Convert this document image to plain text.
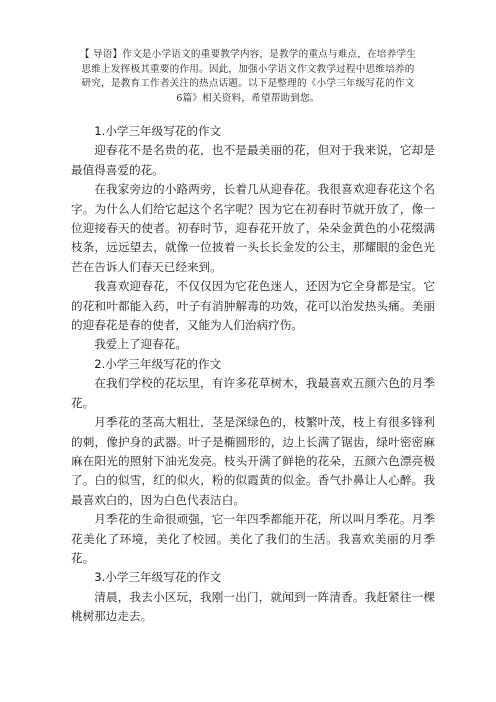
【 导语】作文是小学语文的重要教学内容，是教学的重点与难点，在培养学生
思维上发挥极其重要的作用。因此，加强小学语文作文教学过程中思维培养的
研究，是教育工作者关注的热点话题。以下是整理的《小学三年级写花的作文
6篇》相关资料，希望帮助到您。

1.小学三年级写花的作文

迎春花不是名贵的花，也不是最美丽的花，但对于我来说，它却是最值得喜爱的花。

在我家旁边的小路两旁，长着几从迎春花。我很喜欢迎春花这个名字。为什么人们给它起这个名字呢？因为它在初春时节就开放了，像一位迎接春天的使者。初春时节，迎春花开放了，朵朵金黄色的小花缀满枝条，远远望去，就像一位披着一头长长金发的公主，那耀眼的金色光芒在告诉人们春天已经来到。

我喜欢迎春花，不仅仅因为它花色迷人，还因为它全身都是宝。它的花和叶都能入药，叶子有消肿解毒的功效，花可以治发热头痛。美丽的迎春花是春的使者，又能为人们治病疗伤。

我爱上了迎春花。

2.小学三年级写花的作文

在我们学校的花坛里，有许多花草树木，我最喜欢五颜六色的月季花。

月季花的茎高大粗壮，茎是深绿色的，枝繁叶茂，枝上有很多锋利的刺，像护身的武器。叶子是椭圆形的，边上长满了锯齿，绿叶密密麻麻在阳光的照射下油光发亮。枝头开满了鲜艳的花朵，五颜六色漂亮极了。白的似雪，红的似火，粉的似霞黄的似金。香气扑鼻让人心醉。我最喜欢白的，因为白色代表洁白。

月季花的生命很顽强，它一年四季都能开花，所以叫月季花。月季花美化了环境，美化了校园。美化了我们的生活。我喜欢美丽的月季花。

3.小学三年级写花的作文

清晨，我去小区玩，我刚一出门，就闻到一阵清香。我赶紧往一棵桃树那边走去。
